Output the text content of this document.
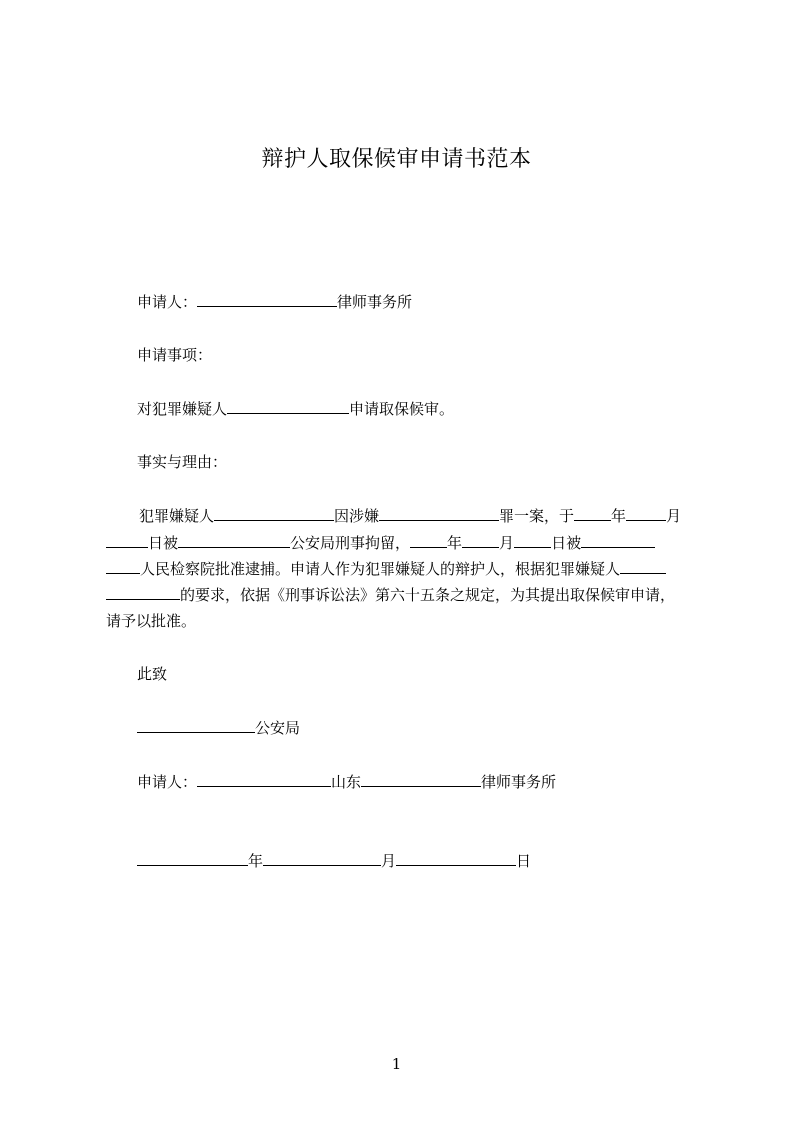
辩护人取保候审申请书范本
申请人：	律师事务所
申请事项：
对犯罪嫌疑人	申请取保候审。
事实与理由：
犯罪嫌疑人	因涉嫌	罪一案，于 年	月
日被	公安局刑事拘留， 年 月 日被
人民检察院批准逮捕。申请人作为犯罪嫌疑人的辩护人，根据犯罪嫌疑人
的要求，依据《刑事诉讼法》第六十五条之规定，为其提出取保候审申请，
请予以批准。
此致
公安局
申请人：	山东	律师事务所
年	月	日
1
